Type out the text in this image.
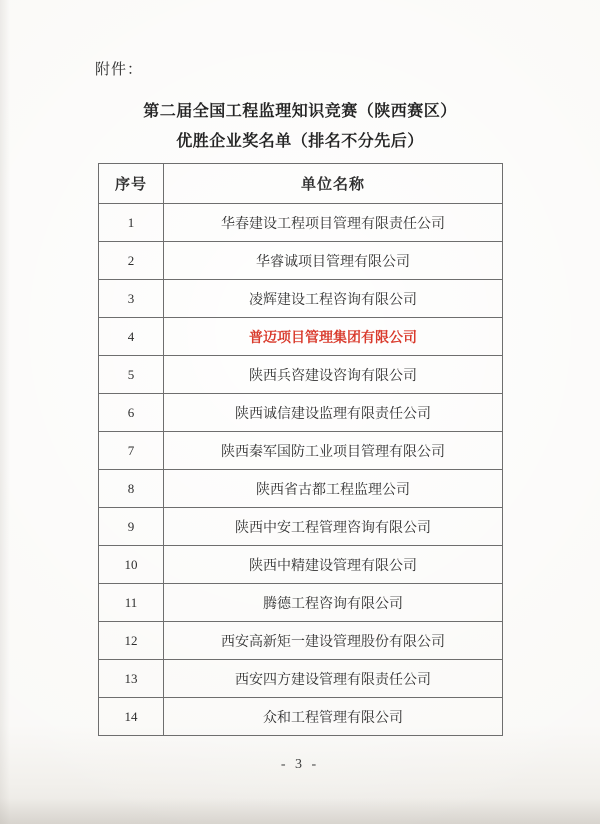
附件：
第二届全国工程监理知识竞赛（陕西赛区）
优胜企业奖名单（排名不分先后）
序号	单位名称
1	华春建设工程项目管理有限责任公司
2	华睿诚项目管理有限公司
3	凌辉建设工程咨询有限公司
4	普迈项目管理集团有限公司
5	陕西兵咨建设咨询有限公司
6	陕西诚信建设监理有限责任公司
7	陕西秦军国防工业项目管理有限公司
8	陕西省古都工程监理公司
9	陕西中安工程管理咨询有限公司
10	陕西中精建设管理有限公司
11	腾德工程咨询有限公司
12	西安高新矩一建设管理股份有限公司
13	西安四方建设管理有限责任公司
14	众和工程管理有限公司
- 3 -
